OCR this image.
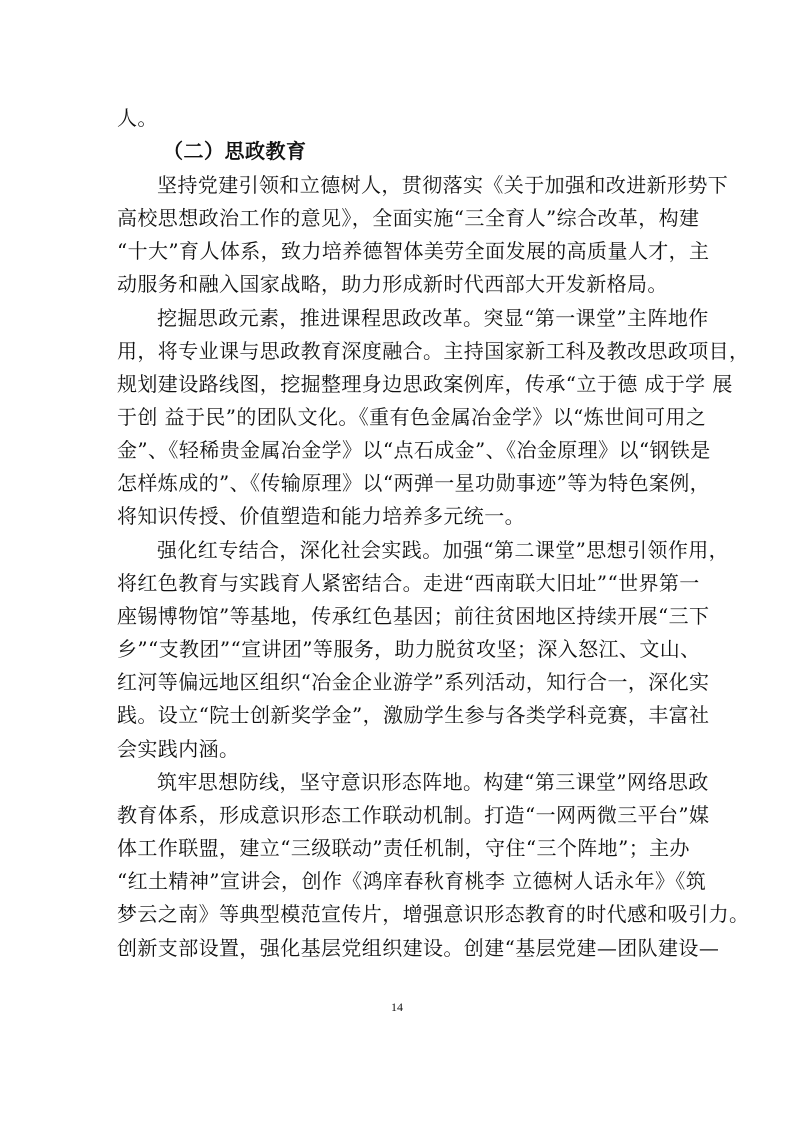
人。
（二）思政教育
坚持党建引领和立德树人，贯彻落实《关于加强和改进新形势下
高校思想政治工作的意见》，全面实施“三全育人”综合改革，构建
“十大”育人体系，致力培养德智体美劳全面发展的高质量人才，主
动服务和融入国家战略，助力形成新时代西部大开发新格局。
挖掘思政元素，推进课程思政改革。突显“第一课堂”主阵地作
用，将专业课与思政教育深度融合。主持国家新工科及教改思政项目，
规划建设路线图，挖掘整理身边思政案例库，传承“立于德 成于学 展
于创 益于民”的团队文化。《重有色金属冶金学》以“炼世间可用之
金”、《轻稀贵金属冶金学》以“点石成金”、《冶金原理》以“钢铁是
怎样炼成的”、《传输原理》以“两弹一星功勋事迹”等为特色案例，
将知识传授、价值塑造和能力培养多元统一。
强化红专结合，深化社会实践。加强“第二课堂”思想引领作用，
将红色教育与实践育人紧密结合。走进“西南联大旧址”“世界第一
座锡博物馆”等基地，传承红色基因；前往贫困地区持续开展“三下
乡”“支教团”“宣讲团”等服务，助力脱贫攻坚；深入怒江、文山、
红河等偏远地区组织“冶金企业游学”系列活动，知行合一，深化实
践。设立“院士创新奖学金”，激励学生参与各类学科竞赛，丰富社
会实践内涵。
筑牢思想防线，坚守意识形态阵地。构建“第三课堂”网络思政
教育体系，形成意识形态工作联动机制。打造“一网两微三平台”媒
体工作联盟，建立“三级联动”责任机制，守住“三个阵地”；主办
“红土精神”宣讲会，创作《鸿庠春秋育桃李 立德树人话永年》《筑
梦云之南》等典型模范宣传片，增强意识形态教育的时代感和吸引力。
创新支部设置，强化基层党组织建设。创建“基层党建—团队建设—
14
